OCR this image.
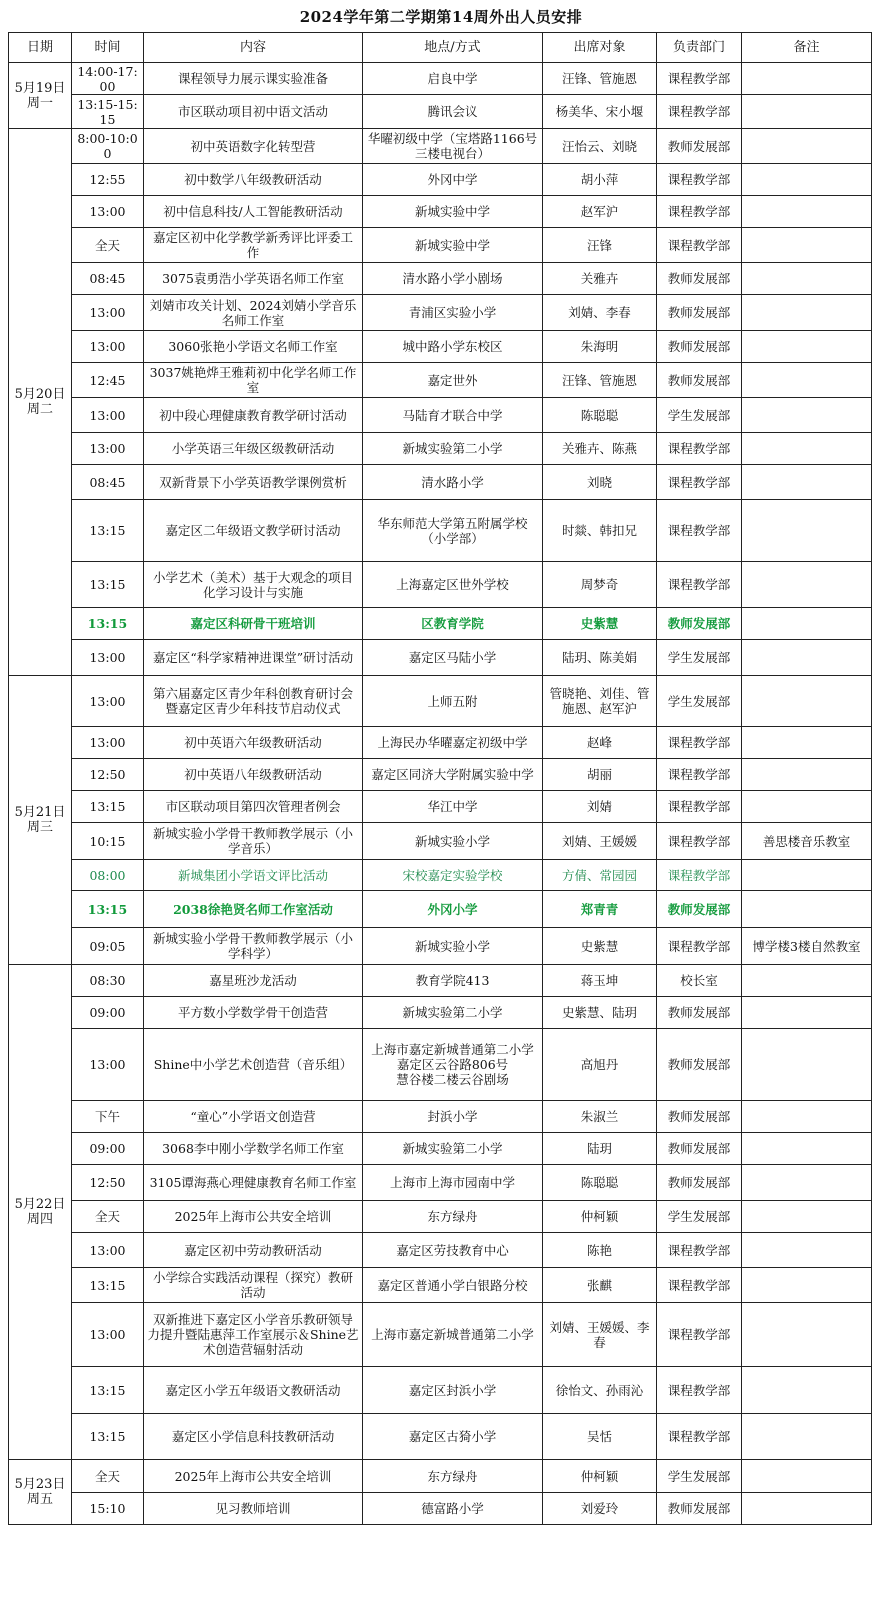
2024学年第二学期第14周外出人员安排
日期	时间	内容	地点/方式	出席对象	负责部门	备注

5月19日
周一	14:00-17:00	课程领导力展示课实验准备	启良中学	汪锋、管施恩	课程教学部	
	13:15-15:15	市区联动项目初中语文活动	腾讯会议	杨美华、宋小堰	课程教学部	

5月20日
周二	8:00-10:00	初中英语数字化转型营	华曜初级中学（宝塔路1166号三楼电视台）	汪怡云、刘晓	教师发展部	
	12:55	初中数学八年级教研活动	外冈中学	胡小萍	课程教学部	
	13:00	初中信息科技/人工智能教研活动	新城实验中学	赵军沪	课程教学部	
	全天	嘉定区初中化学教学新秀评比评委工作	新城实验中学	汪锋	课程教学部	
	08:45	3075袁勇浩小学英语名师工作室	清水路小学小剧场	关雅卉	教师发展部	
	13:00	刘婧市攻关计划、2024刘婧小学音乐名师工作室	青浦区实验小学	刘婧、李春	教师发展部	
	13:00	3060张艳小学语文名师工作室	城中路小学东校区	朱海明	教师发展部	
	12:45	3037姚艳烨王雅莉初中化学名师工作室	嘉定世外	汪锋、管施恩	教师发展部	
	13:00	初中段心理健康教育教学研讨活动	马陆育才联合中学	陈聪聪	学生发展部	
	13:00	小学英语三年级区级教研活动	新城实验第二小学	关雅卉、陈燕	课程教学部	
	08:45	双新背景下小学英语教学课例赏析	清水路小学	刘晓	课程教学部	
	13:15	嘉定区二年级语文教学研讨活动	华东师范大学第五附属学校（小学部）	时燚、韩扣兄	课程教学部	
	13:15	小学艺术（美术）基于大观念的项目化学习设计与实施	上海嘉定区世外学校	周梦奇	课程教学部	
	13:15	嘉定区科研骨干班培训	区教育学院	史紫慧	教师发展部	
	13:00	嘉定区“科学家精神进课堂”研讨活动	嘉定区马陆小学	陆玥、陈美娟	学生发展部	

5月21日
周三	13:00	第六届嘉定区青少年科创教育研讨会暨嘉定区青少年科技节启动仪式	上师五附	管晓艳、刘佳、管施恩、赵军沪	学生发展部	
	13:00	初中英语六年级教研活动	上海民办华曜嘉定初级中学	赵峰	课程教学部	
	12:50	初中英语八年级教研活动	嘉定区同济大学附属实验中学	胡丽	课程教学部	
	13:15	市区联动项目第四次管理者例会	华江中学	刘婧	课程教学部	
	10:15	新城实验小学骨干教师教学展示（小学音乐）	新城实验小学	刘婧、王媛媛	课程教学部	善思楼音乐教室
	08:00	新城集团小学语文评比活动	宋校嘉定实验学校	方倩、常园园	课程教学部	
	13:15	2038徐艳贤名师工作室活动	外冈小学	郑青青	教师发展部	
	09:05	新城实验小学骨干教师教学展示（小学科学）	新城实验小学	史紫慧	课程教学部	博学楼3楼自然教室

5月22日
周四	08:30	嘉星班沙龙活动	教育学院413	蒋玉坤	校长室	
	09:00	平方数小学数学骨干创造营	新城实验第二小学	史紫慧、陆玥	教师发展部	
	13:00	Shine中小学艺术创造营（音乐组）	上海市嘉定新城普通第二小学
嘉定区云谷路806号
慧谷楼二楼云谷剧场	高旭丹	教师发展部	
	下午	“童心”小学语文创造营	封浜小学	朱淑兰	教师发展部	
	09:00	3068李中刚小学数学名师工作室	新城实验第二小学	陆玥	教师发展部	
	12:50	3105谭海燕心理健康教育名师工作室	上海市上海市园南中学	陈聪聪	教师发展部	
	全天	2025年上海市公共安全培训	东方绿舟	仲柯颖	学生发展部	
	13:00	嘉定区初中劳动教研活动	嘉定区劳技教育中心	陈艳	课程教学部	
	13:15	小学综合实践活动课程（探究）教研活动	嘉定区普通小学白银路分校	张麒	课程教学部	
	13:00	双新推进下嘉定区小学音乐教研领导力提升暨陆惠萍工作室展示＆Shine艺术创造营辐射活动	上海市嘉定新城普通第二小学	刘婧、王媛媛、李春	课程教学部	
	13:15	嘉定区小学五年级语文教研活动	嘉定区封浜小学	徐怡文、孙雨沁	课程教学部	
	13:15	嘉定区小学信息科技教研活动	嘉定区古猗小学	吴恬	课程教学部	

5月23日
周五	全天	2025年上海市公共安全培训	东方绿舟	仲柯颖	学生发展部	
	15:10	见习教师培训	德富路小学	刘爱玲	教师发展部	
